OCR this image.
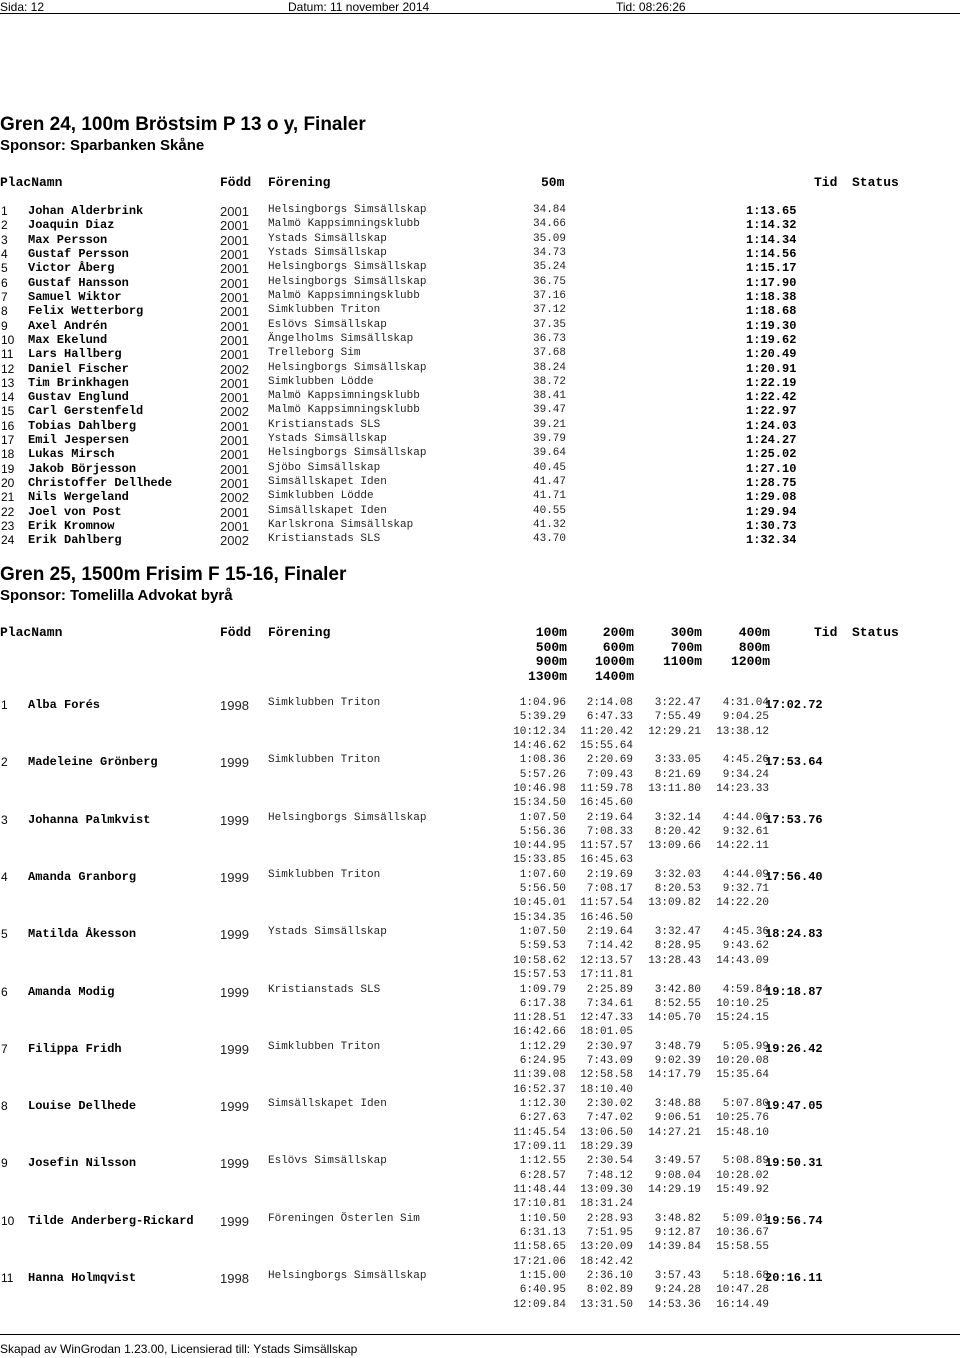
Sida: 12	Datum: 11 november 2014	Tid: 08:26:26
Gren 24, 100m Bröstsim P 13 o y, Finaler
Sponsor: Sparbanken Skåne
PlacNamn	Född Förening	50m	Tid Status
1 Johan Alderbrink	2001 Helsingborgs Simsällskap	34.84	1:13.65
2 Joaquin Diaz	2001 Malmö Kappsimningsklubb	34.66	1:14.32
3 Max Persson	2001 Ystads Simsällskap	35.09	1:14.34
4 Gustaf Persson	2001 Ystads Simsällskap	34.73	1:14.56
5 Victor Åberg	2001 Helsingborgs Simsällskap	35.24	1:15.17
6 Gustaf Hansson	2001 Helsingborgs Simsällskap	36.75	1:17.90
7 Samuel Wiktor	2001 Malmö Kappsimningsklubb	37.16	1:18.38
8 Felix Wetterborg	2001 Simklubben Triton	37.12	1:18.68
9 Axel Andrén	2001 Eslövs Simsällskap	37.35	1:19.30
10 Max Ekelund	2001 Ängelholms Simsällskap	36.73	1:19.62
11 Lars Hallberg	2001 Trelleborg Sim	37.68	1:20.49
12 Daniel Fischer	2002 Helsingborgs Simsällskap	38.24	1:20.91
13 Tim Brinkhagen	2001 Simklubben Lödde	38.72	1:22.19
14 Gustav Englund	2001 Malmö Kappsimningsklubb	38.41	1:22.42
15 Carl Gerstenfeld	2002 Malmö Kappsimningsklubb	39.47	1:22.97
16 Tobias Dahlberg	2001 Kristianstads SLS	39.21	1:24.03
17 Emil Jespersen	2001 Ystads Simsällskap	39.79	1:24.27
18 Lukas Mirsch	2001 Helsingborgs Simsällskap	39.64	1:25.02
19 Jakob Börjesson	2001 Sjöbo Simsällskap	40.45	1:27.10
20 Christoffer Dellhede	2001 Simsällskapet Iden	41.47	1:28.75
21 Nils Wergeland	2002 Simklubben Lödde	41.71	1:29.08
22 Joel von Post	2001 Simsällskapet Iden	40.55	1:29.94
23 Erik Kromnow	2001 Karlskrona Simsällskap	41.32	1:30.73
24 Erik Dahlberg	2002 Kristianstads SLS	43.70	1:32.34
Gren 25, 1500m Frisim F 15-16, Finaler
Sponsor: Tomelilla Advokat byrå
PlacNamn	Född Förening	Tid Status
100m	200m	300m	400m
500m	600m	700m	800m
900m 1000m 1100m 1200m
1300m 1400m
1 Alba Forés	1998 Simklubben Triton	17:02.72
1:04.96 2:14.08 3:22.47 4:31.04
5:39.29 6:47.33 7:55.49 9:04.25
10:12.34 11:20.42 12:29.21 13:38.12
14:46.62 15:55.64
2 Madeleine Grönberg	1999 Simklubben Triton	17:53.64
1:08.36 2:20.69 3:33.05 4:45.26
5:57.26 7:09.43 8:21.69 9:34.24
10:46.98 11:59.78 13:11.80 14:23.33
15:34.50 16:45.60
3 Johanna Palmkvist	1999 Helsingborgs Simsällskap	17:53.76
1:07.50 2:19.64 3:32.14 4:44.06
5:56.36 7:08.33 8:20.42 9:32.61
10:44.95 11:57.57 13:09.66 14:22.11
15:33.85 16:45.63
4 Amanda Granborg	1999 Simklubben Triton	17:56.40
1:07.60 2:19.69 3:32.03 4:44.09
5:56.50 7:08.17 8:20.53 9:32.71
10:45.01 11:57.54 13:09.82 14:22.20
15:34.35 16:46.50
5 Matilda Åkesson	1999 Ystads Simsällskap	18:24.83
1:07.50 2:19.64 3:32.47 4:45.36
5:59.53 7:14.42 8:28.95 9:43.62
10:58.62 12:13.57 13:28.43 14:43.09
15:57.53 17:11.81
6 Amanda Modig	1999 Kristianstads SLS	19:18.87
1:09.79 2:25.89 3:42.80 4:59.84
6:17.38 7:34.61 8:52.55 10:10.25
11:28.51 12:47.33 14:05.70 15:24.15
16:42.66 18:01.05
7 Filippa Fridh	1999 Simklubben Triton	19:26.42
1:12.29 2:30.97 3:48.79 5:05.99
6:24.95 7:43.09 9:02.39 10:20.08
11:39.08 12:58.58 14:17.79 15:35.64
16:52.37 18:10.40
8 Louise Dellhede	1999 Simsällskapet Iden	19:47.05
1:12.30 2:30.02 3:48.88 5:07.80
6:27.63 7:47.02 9:06.51 10:25.76
11:45.54 13:06.50 14:27.21 15:48.10
17:09.11 18:29.39
9 Josefin Nilsson	1999 Eslövs Simsällskap	19:50.31
1:12.55 2:30.54 3:49.57 5:08.89
6:28.57 7:48.12 9:08.04 10:28.02
11:48.44 13:09.30 14:29.19 15:49.92
17:10.81 18:31.24
10 Tilde Anderberg-Rickard 1999 Föreningen Österlen Sim	19:56.74
1:10.50 2:28.93 3:48.82 5:09.01
6:31.13 7:51.95 9:12.87 10:36.67
11:58.65 13:20.09 14:39.84 15:58.55
17:21.06 18:42.42
11 Hanna Holmqvist	1998 Helsingborgs Simsällskap	20:16.11
1:15.00 2:36.10 3:57.43 5:18.68
6:40.95 8:02.89 9:24.28 10:47.28
12:09.84 13:31.50 14:53.36 16:14.49
Skapad av WinGrodan 1.23.00, Licensierad till: Ystads Simsällskap
